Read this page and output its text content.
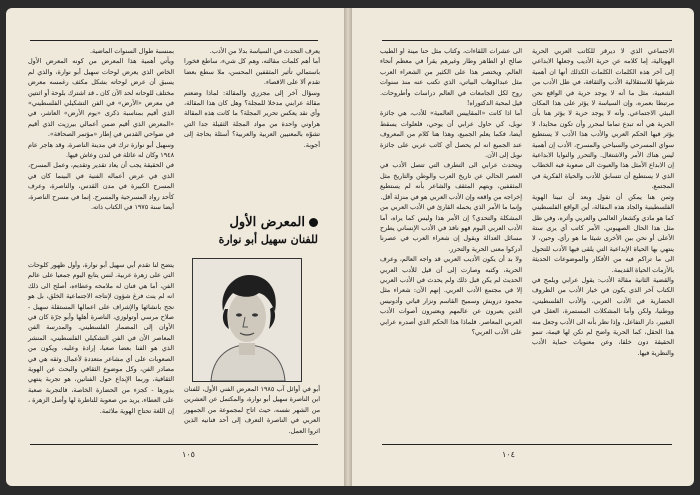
يعرف التحدث في السياسة بدلا من الأدب.

أما أهم كلمات مقالته، وهم كل شيء، ساطع فخورا باستمالي تأثير المثقفين المحسن، ملا سطع بعضا تقدم ألا على الاقصاء.

وسؤال آخر إلى مجزري والمقالة: لماذا وضعتم مقالة عرابني مدخلا للمجلة؟ وهل كان هذا المقالة، وأي نقد يعكس تحرير المجلة؟ ما كانت هذه المقالة هراوني واحدة من مواد المجلة الثقيلة جدا التي تشوّه بالمعنيين العربية والعربية؟ أسئلة بحاجة إلى أجوبة.

بمنسبة طوال السنوات الماضية.

ويأتي أهمية هذا المعرض من كونه المعرض الأول الخاص الذي يعرض لوحات سهيل أبو نوارة، والذي لم يسبق أن عرض لوحاته بشكل مكثف رغمسه معرض مختلف للوحاته لحد الآن كان ـ قد اشترك بلوحة أو اثنتين في معرض «الأرض» في الفن التشكيلي الفلسطيني» الذي أقيم بمناسبة ذكرى «يوم الأرض» العاشر، في «المعرض الذي أقيم ضمن أعمالي بيرزيت الذي أقيم في ضواحي القدس في إطار «مؤتمر الصحافة».

وسهيل أبو نوارة ترك في مدينة الناصرة، وقد هاجر عام ١٩٤٨ وكان له عائلة في لندن وعاش فيها.

في الحقيقة يجب أن يعاد تقدير وتقديم، وعمل المسرح، الذي في عرض أعماله الفنية في البينما كان في المسرح الكبيرة في مدن القدس، والناصرة، وعرف كأحد رواد المسرحية والمسرح. إنما في مسرح الناصرة، أيضا سنة ١٩٧٥ في الكتاب ذاته.

المعرض الأول
للفنان سهيل أبو نوارة
أبو في أوائل آب ١٩٨٥ المعرض الفني الأول، للفنان ابن الناصرة سهيل أبو نوارة، والمكتمل عن العشرين من الشهر نفسه، حيث اتاح لمجموعة من الجمهور العربي في الناصرة التعرف إلى أحد فنانيه الذين اثروا العمل.

يتضح لنا تقدم أبي سهيل أبو نوارة، وأول ظهور كلوحات التي على زهرة عربية. لنس يتابع اليوم جمعيا على عالم الفن، أما هي فنان له ملامحه وعطاءه، أصلح الى ذلك انه لم ينت فرغ شؤون لإنتاجه الاجتماعية الخلق، بل هو نجح بانشائها والإشراف على اعمالها المستقلة سهيل - صلاح مرسي أوتولوزي، الناصرة أهلها وأبو جرّة كان في الأوان إلى المضمار الفلسطيني. والمدرسة الفن المعاصر الأن في الفن التشكيلي الفلسطيني، المنشر الذي هو الفنا بعضا صعبا، إرادة وعليه، ويكون من الصعوبات على أي مشاعر متعددة لأعمال وثقه هي في مصادر الفن، وكل موضوع الثقافي والبحث عن الهوية الثقافية، وربما الإبداع حول الفنانين، هو تجربة ينتهي بدورها - كجزء من الحضارة الخاصة، فالتجربة صعبة على العطاء، يريد من صعوبة للناظرة لها وأصل الزهرة ، إن اللغة تحتاج الهوية ملائمة.

١٠٥

الاجتماعي الذي لا ديرقر للكاتب العربي الحرية الهويالية، إما كلامه عن حرية الأديب وجعلها الابداعي إلى آخر هذه الكلمات الكلمات الكذلك أنها ان أهمية شرطها للاستقلالية الأدب والثقافة، في ظل الأدب من الشعبية، مثل ما أنه لا يوجد حرية في الواقع نحن مرتبطا بعمره، وإن السياسة لا يؤثر على هذا المكان البيئي الاجتماعي. وأنه لا يوجد حرية لا يؤثر هنا بأن الحرية هي أنه تبدع تماما لمحرر وأن تكون محايدا، لا يؤثر فيها الحكم العربي والأدب هذا الأدب لا يستطيع سواي المسرحي والسياحي والمسرح، الأدب إن أهمية ليس هناك الأمر والاشتغال. والتحرر والنوايا الابداعية إن الابداع الأمثل هذا والعبوث الى صعوبة فيه الخطاب الذي لا يستطيع أن تتسابق للأدب والحياة الفكرية في المجتمع.

وتمن هنا يمكن أن نقول وبعد أن تبينا الهوية الفلسطينية والجاد هذه المقالة، أين الواقع الفلسطيني كما هو مادي وكشعار العالمي والعربي وأثره، وفي ظل مثل هذا الحال الصهيوني. الأمر كاتب أي يرى ستة الأعلى أو نحن بين الأخرى شيئا ما هو رأي. وحين، لا ينتهي بها الحياة الإبداعية التي يلقى فيها الأدب للتحول الى ما تراكم فيه من الأفكار والموضوعات الحديثة بالأزمات الحياة القديمة.

والقضية الثانية مقالة الأدب: يقول عرابي ويلمح في الكتاب آخر الذي يكون في خيار الأدب من الظروف الحضارية في الأدب العربي، والأدب الفلسطيني، ووطنيا، ولكن وأما المشكلات المستمرة، العقل في التغيير، دار التفاعل، وإذا نظر بأنه الى الأدب وجعل منه هذا الحقل، كما الحرية واضح لم تكن لها قيمة، تنمو الحقيقة دون خلقا، وعن معنويات حماية الأدب والنظرية فيها.

الى عشرات اللقاءات، وكتاب مثل حنا مينة او الطيب صالح او الطاهر وطار وغيرهم يقرأ في معظم أنحاء العالم. ويختصر هذا على الكثير من الشعراء العرب مثل عبدالوهاب البياتي، الذي تكتب عنه منذ سنوات روح لكل الجامعات في العالم دراسات وأطروحات. قيل لمحبة الدكتوراه!

أما اذا كانت «المقاييس العالمية» للأدب، هي جائزة نوبل، كي حاول عرابي أن يوحي، فلعلوات يسقط أيضا، فكما يعلم الجميع، وهذا هنا كلام من المعروف عند الجميع انه لم يحصل أي كاتب عربي على جائزة نوبل إلى الآن.

ويتحدث عرابي الى التطرف التي تتصل الأدب في العصر الحالي عن تاريخ العرب والوطن والتاريخ مثل المثقفين، ويتهم المثقف والشاعر بأنه لم يستطيع إخراجه من واقعه وإن الأدب العربي هو في منزلة أقل.

وإنما ما الأمر الذي يحمله القارئ في الأدب العربي من المشكلة والتحدي؟ إن الأمر هذا وليس كما يراه، أما الأدب العربي اليوم فهو نافذ في الأدب الإنساني يطرح مسائل العدالة ويقول إن شعراء العرب في عصرنا أدركوا معنى الحرية والتحرر.

ولا بد أن يكون الأديب العربي قد واجه العالم، وعرف الحرية، وكتبه وصارت إلى أن قيل للأدب العربي الحديث لم يكن قبل ذلك ولم يحدث في الأدب العربي إلا في مجتمع الأدب العربي. إنهم الآن: شعراء مثل محمود درويش وسميح القاسم ونزار قباني وأدونيس الذين يعبرون عن عالمهم ويعتبرون أصوات الأدب العربي المعاصر. فلماذا هذا الحكم الذي أصدره عرابي على الأدب العربي؟

١٠٤
